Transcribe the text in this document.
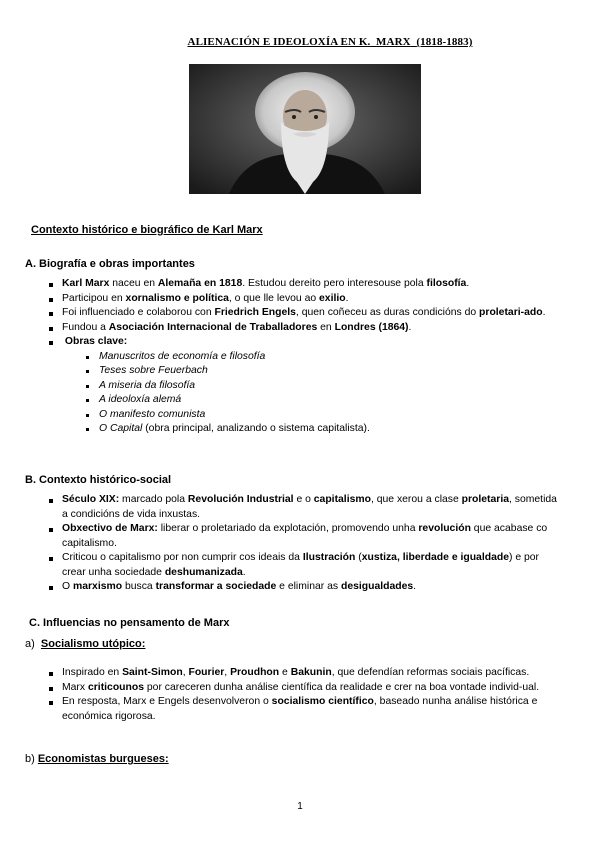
ALIENACIÓN E IDEOLOXÍA EN K. MARX (1818-1883)
Contexto histórico e biográfico de Karl Marx
A. Biografía e obras importantes
Karl Marx naceu en Alemaña en 1818. Estudou dereito pero interesouse pola filosofía.
Participou en xornalismo e política, o que lle levou ao exilio.
Foi influenciado e colaborou con Friedrich Engels, quen coñeceu as duras condicións do proletari-ado.
Fundou a Asociación Internacional de Traballadores en Londres (1864).
Obras clave:
Manuscritos de economía e filosofía
Teses sobre Feuerbach
A miseria da filosofía
A ideoloxía alemá
O manifesto comunista
O Capital (obra principal, analizando o sistema capitalista).
B. Contexto histórico-social
Século XIX: marcado pola Revolución Industrial e o capitalismo, que xerou a clase proletaria, sometida a condicións de vida inxustas.
Obxectivo de Marx: liberar o proletariado da explotación, promovendo unha revolución que acabase co capitalismo.
Criticou o capitalismo por non cumprir cos ideais da Ilustración (xustiza, liberdade e igualdade) e por crear unha sociedade deshumanizada.
O marxismo busca transformar a sociedade e eliminar as desigualdades.
C. Influencias no pensamento de Marx
a) Socialismo utópico:
Inspirado en Saint-Simon, Fourier, Proudhon e Bakunin, que defendían reformas sociais pacíficas.
Marx criticounos por careceren dunha análise científica da realidade e crer na boa vontade individ-ual.
En resposta, Marx e Engels desenvolveron o socialismo científico, baseado nunha análise histórica e económica rigorosa.
b) Economistas burgueses:
1
